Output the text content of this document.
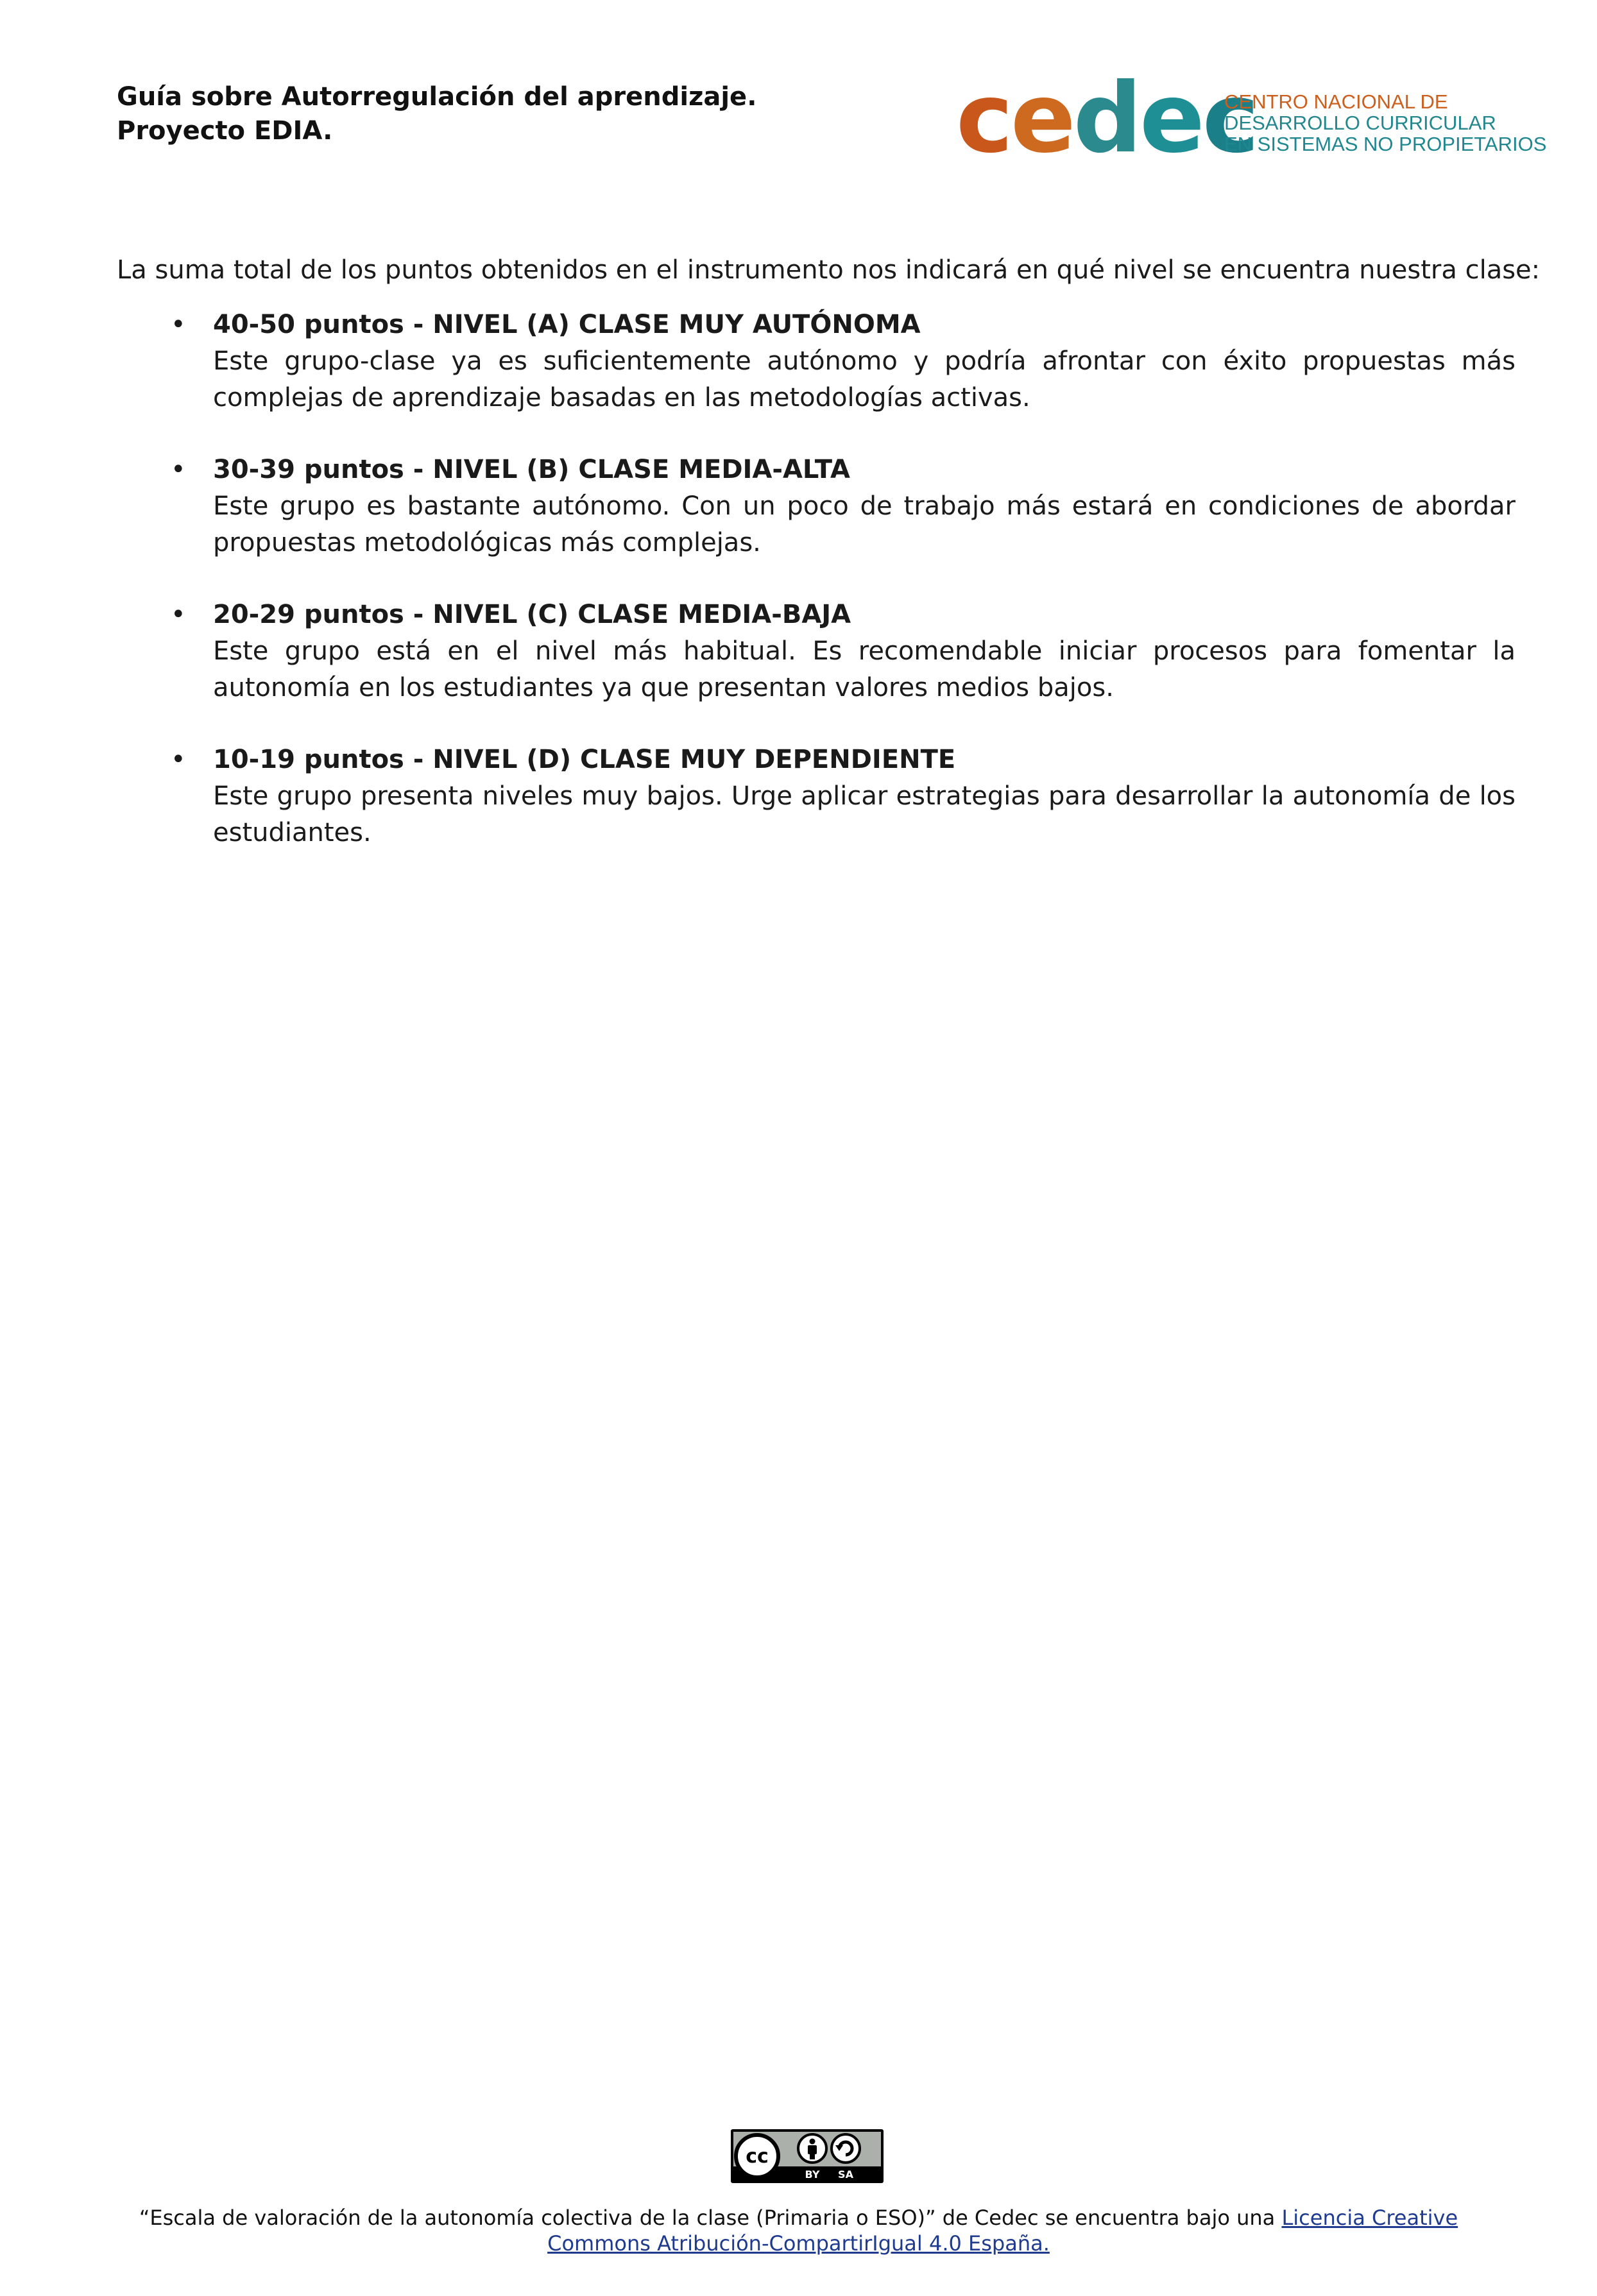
Guía sobre Autorregulación del aprendizaje.
Proyecto EDIA.	cedec
CENTRO NACIONAL DE
DESARROLLO CURRICULAR
EN SISTEMAS NO PROPIETARIOS

La suma total de los puntos obtenidos en el instrumento nos indicará en qué nivel se encuentra nuestra clase:

• 40-50 puntos - NIVEL (A) CLASE MUY AUTÓNOMA
Este grupo-clase ya es suficientemente autónomo y podría afrontar con éxito propuestas más complejas de aprendizaje basadas en las metodologías activas.
• 30-39 puntos - NIVEL (B) CLASE MEDIA-ALTA
Este grupo es bastante autónomo. Con un poco de trabajo más estará en condiciones de abordar propuestas metodológicas más complejas.
• 20-29 puntos - NIVEL (C) CLASE MEDIA-BAJA
Este grupo está en el nivel más habitual. Es recomendable iniciar procesos para fomentar la autonomía en los estudiantes ya que presentan valores medios bajos.
• 10-19 puntos - NIVEL (D) CLASE MUY DEPENDIENTE
Este grupo presenta niveles muy bajos. Urge aplicar estrategias para desarrollar la autonomía de los estudiantes.
cc
BY SA
“Escala de valoración de la autonomía colectiva de la clase (Primaria o ESO)” de Cedec se encuentra bajo una Licencia Creative Commons Atribución-CompartirIgual 4.0 España.
